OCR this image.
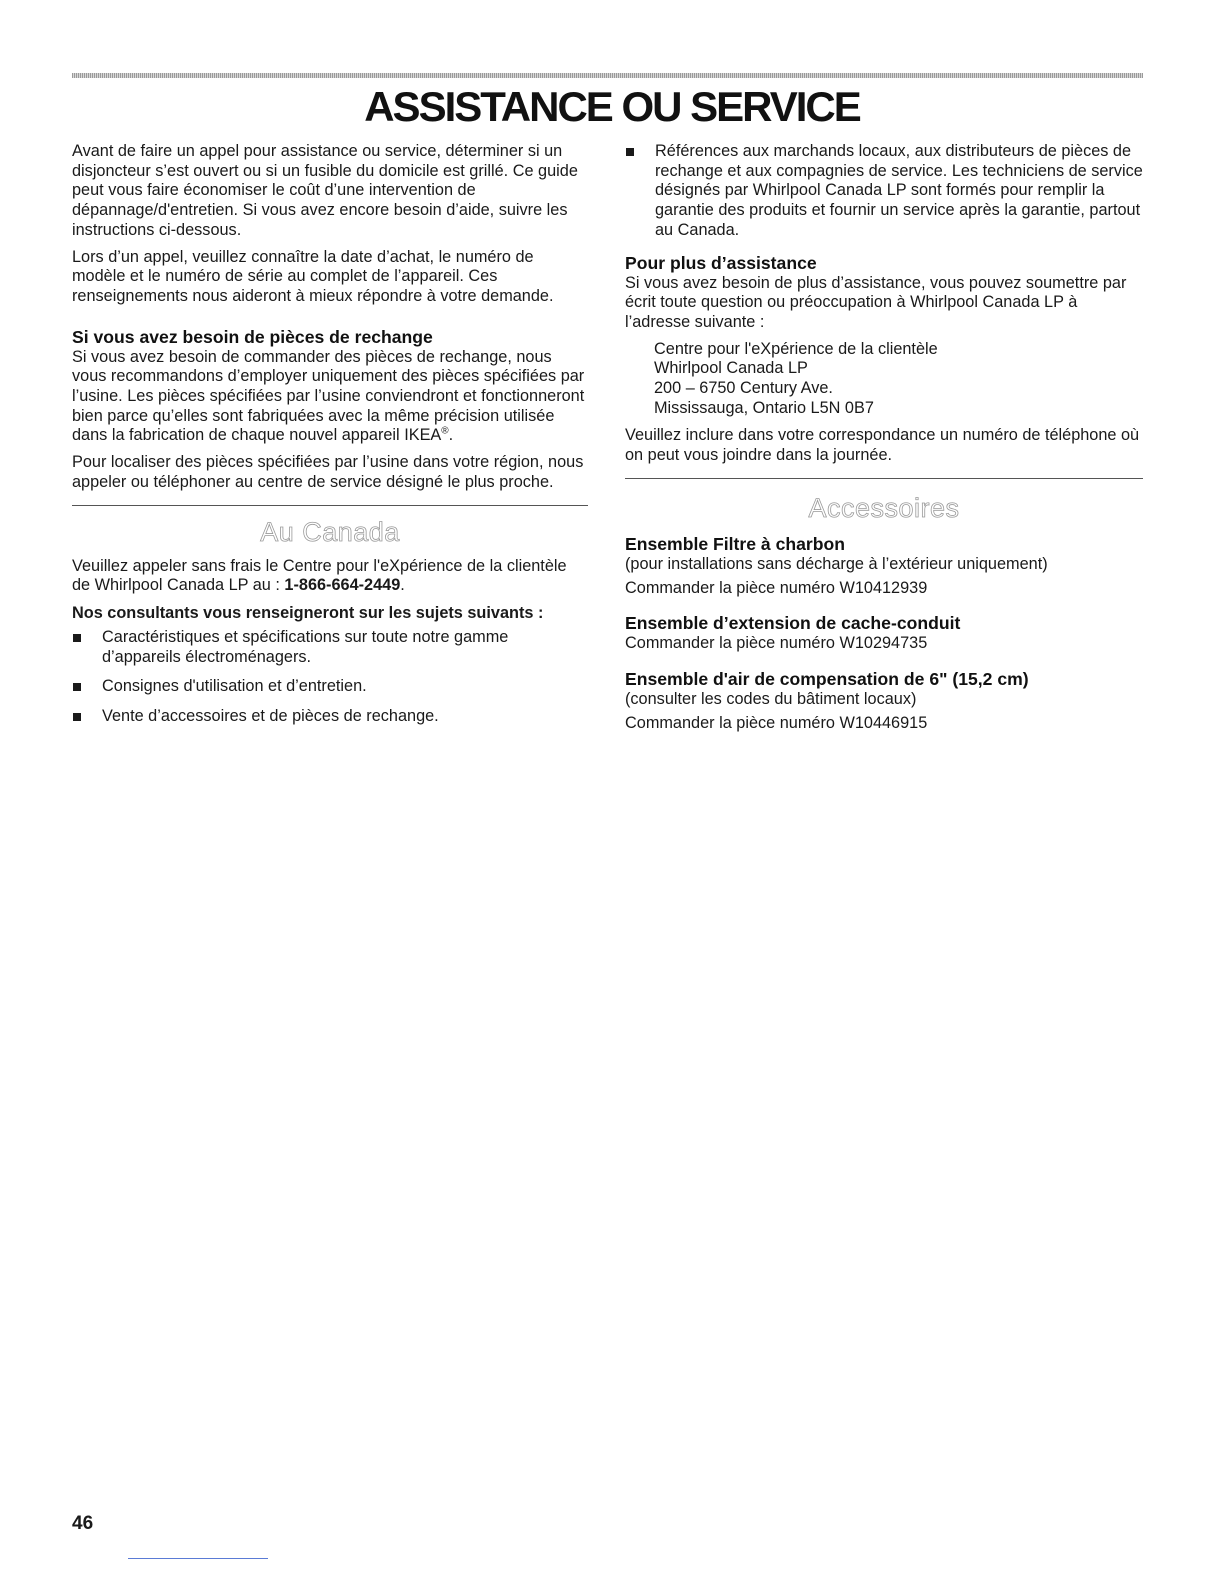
ASSISTANCE OU SERVICE

Avant de faire un appel pour assistance ou service, déterminer si un disjoncteur s’est ouvert ou si un fusible du domicile est grillé. Ce guide peut vous faire économiser le coût d’une intervention de dépannage/d'entretien. Si vous avez encore besoin d’aide, suivre les instructions ci-dessous.

Lors d’un appel, veuillez connaître la date d’achat, le numéro de modèle et le numéro de série au complet de l’appareil. Ces renseignements nous aideront à mieux répondre à votre demande.

Si vous avez besoin de pièces de rechange

Si vous avez besoin de commander des pièces de rechange, nous vous recommandons d’employer uniquement des pièces spécifiées par l’usine. Les pièces spécifiées par l’usine conviendront et fonctionneront bien parce qu’elles sont fabriquées avec la même précision utilisée dans la fabrication de chaque nouvel appareil IKEA®.

Pour localiser des pièces spécifiées par l’usine dans votre région, nous appeler ou téléphoner au centre de service désigné le plus proche.

Au Canada

Veuillez appeler sans frais le Centre pour l'eXpérience de la clientèle de Whirlpool Canada LP au : 1-866-664-2449.

Nos consultants vous renseigneront sur les sujets suivants :
Caractéristiques et spécifications sur toute notre gamme d’appareils électroménagers.
Consignes d'utilisation et d’entretien.
Vente d’accessoires et de pièces de rechange.
Références aux marchands locaux, aux distributeurs de pièces de rechange et aux compagnies de service. Les techniciens de service désignés par Whirlpool Canada LP sont formés pour remplir la garantie des produits et fournir un service après la garantie, partout au Canada.
Pour plus d’assistance

Si vous avez besoin de plus d’assistance, vous pouvez soumettre par écrit toute question ou préoccupation à Whirlpool Canada LP à l’adresse suivante :

Centre pour l'eXpérience de la clientèle
Whirlpool Canada LP
200 – 6750 Century Ave.
Mississauga, Ontario L5N 0B7

Veuillez inclure dans votre correspondance un numéro de téléphone où on peut vous joindre dans la journée.

Accessoires
Ensemble Filtre à charbon

(pour installations sans décharge à l’extérieur uniquement)

Commander la pièce numéro W10412939

Ensemble d’extension de cache-conduit

Commander la pièce numéro W10294735

Ensemble d'air de compensation de 6" (15,2 cm)

(consulter les codes du bâtiment locaux)

Commander la pièce numéro W10446915

46
